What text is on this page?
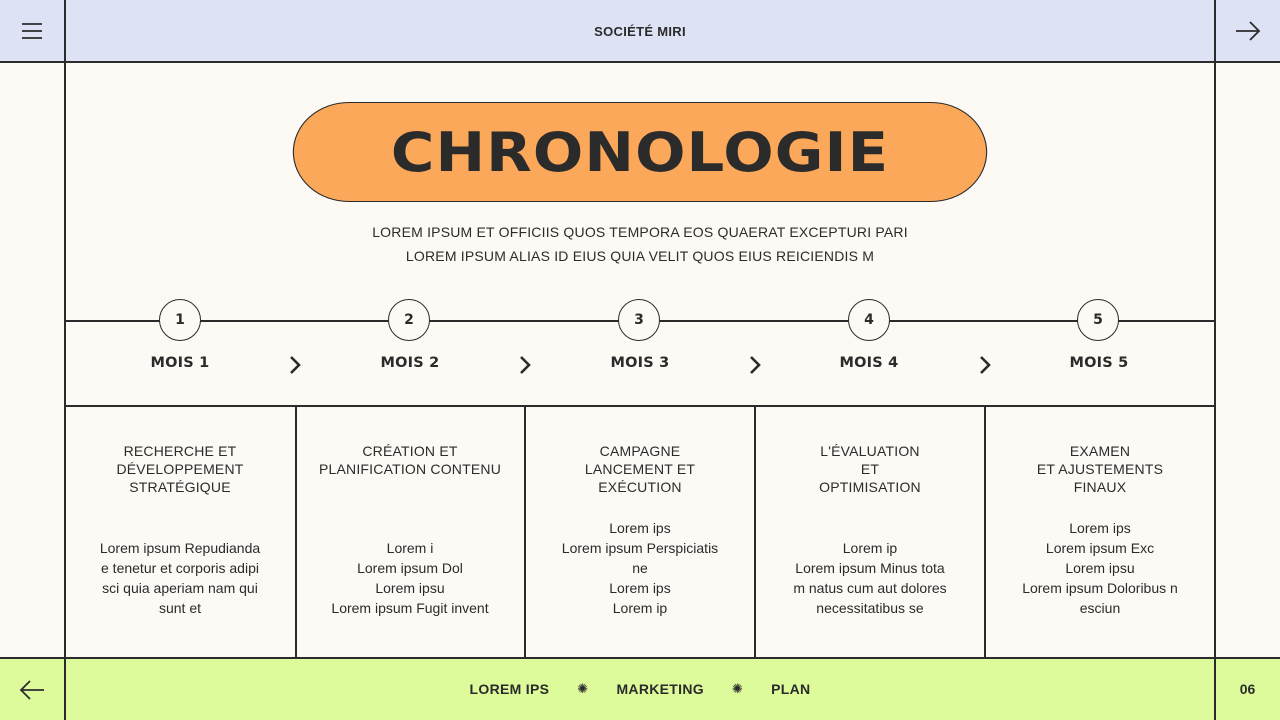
SOCIÉTÉ MIRI
CHRONOLOGIE
LOREM IPSUM ET OFFICIIS QUOS TEMPORA EOS QUAERAT EXCEPTURI PARI
LOREM IPSUM ALIAS ID EIUS QUIA VELIT QUOS EIUS REICIENDIS M
1	2	3	4	5
MOIS 1	MOIS 2	MOIS 3	MOIS 4	MOIS 5
RECHERCHE ET
DÉVELOPPEMENT
STRATÉGIQUE
Lorem ipsum Repudianda
e tenetur et corporis adipi
sci quia aperiam nam qui
sunt et
CRÉATION ET
PLANIFICATION CONTENU
Lorem i
Lorem ipsum Dol
Lorem ipsu
Lorem ipsum Fugit invent
CAMPAGNE
LANCEMENT ET
EXÉCUTION
Lorem ips
Lorem ipsum Perspiciatis
ne
Lorem ips
Lorem ip
L'ÉVALUATION
ET
OPTIMISATION
Lorem ip
Lorem ipsum Minus tota
m natus cum aut dolores
necessitatibus se
EXAMEN
ET AJUSTEMENTS
FINAUX
Lorem ips
Lorem ipsum Exc
Lorem ipsu
Lorem ipsum Doloribus n
esciun
LOREM IPS ✺ MARKETING ✺ PLAN	06
